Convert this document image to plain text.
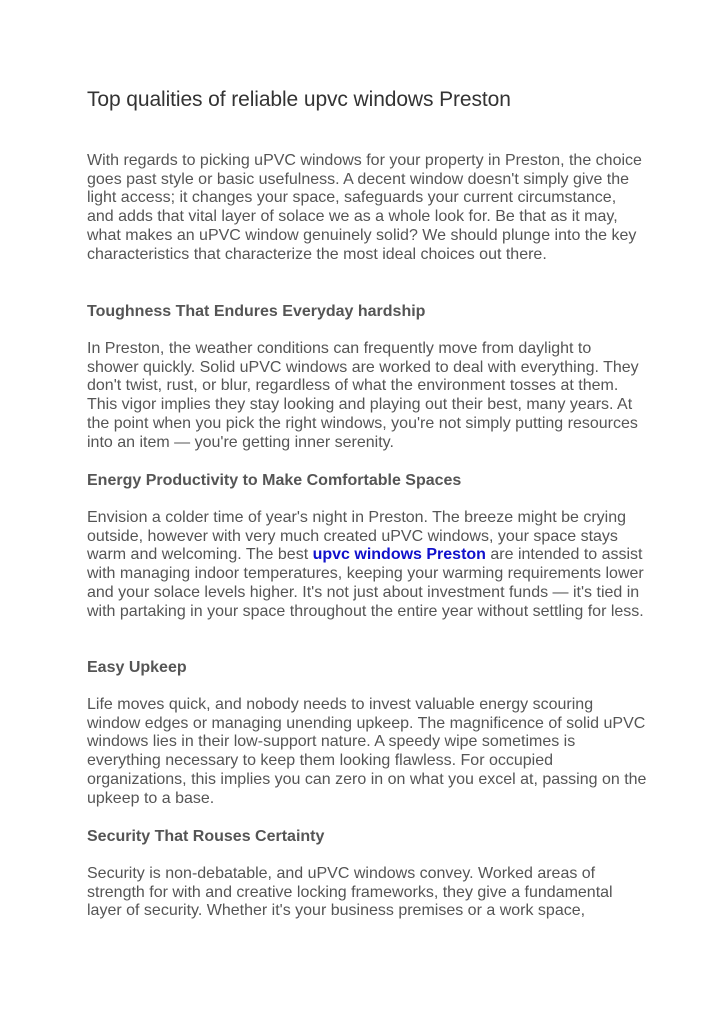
Top qualities of reliable upvc windows Preston

With regards to picking uPVC windows for your property in Preston, the choice goes past style or basic usefulness. A decent window doesn't simply give the light access; it changes your space, safeguards your current circumstance, and adds that vital layer of solace we as a whole look for. Be that as it may, what makes an uPVC window genuinely solid? We should plunge into the key characteristics that characterize the most ideal choices out there.

Toughness That Endures Everyday hardship

In Preston, the weather conditions can frequently move from daylight to shower quickly. Solid uPVC windows are worked to deal with everything. They don't twist, rust, or blur, regardless of what the environment tosses at them. This vigor implies they stay looking and playing out their best, many years. At the point when you pick the right windows, you're not simply putting resources into an item — you're getting inner serenity.

Energy Productivity to Make Comfortable Spaces

Envision a colder time of year's night in Preston. The breeze might be crying outside, however with very much created uPVC windows, your space stays warm and welcoming. The best upvc windows Preston are intended to assist with managing indoor temperatures, keeping your warming requirements lower and your solace levels higher. It's not just about investment funds — it's tied in with partaking in your space throughout the entire year without settling for less.

Easy Upkeep

Life moves quick, and nobody needs to invest valuable energy scouring window edges or managing unending upkeep. The magnificence of solid uPVC windows lies in their low-support nature. A speedy wipe sometimes is everything necessary to keep them looking flawless. For occupied organizations, this implies you can zero in on what you excel at, passing on the upkeep to a base.

Security That Rouses Certainty

Security is non-debatable, and uPVC windows convey. Worked areas of strength for with and creative locking frameworks, they give a fundamental layer of security. Whether it's your business premises or a work space,
